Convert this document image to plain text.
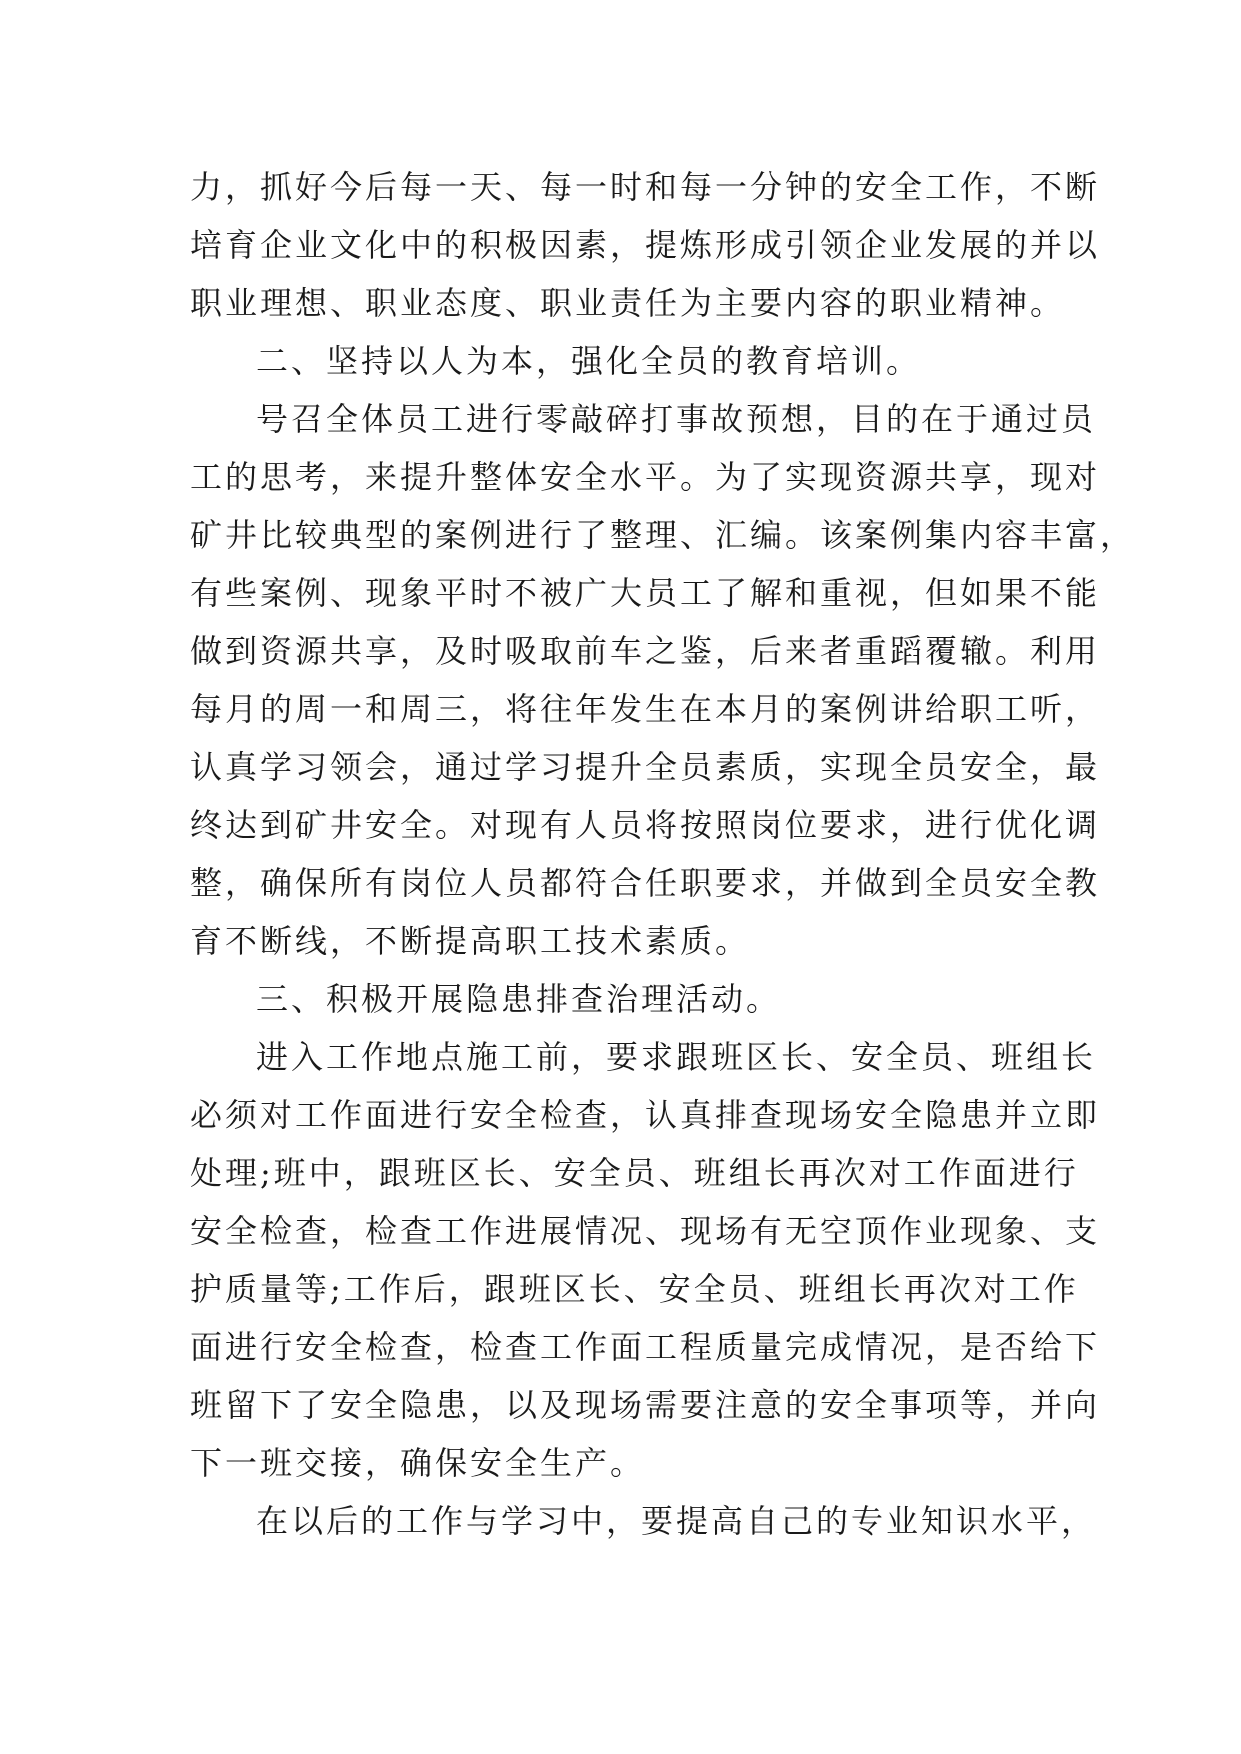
力，抓好今后每一天、每一时和每一分钟的安全工作，不断
培育企业文化中的积极因素，提炼形成引领企业发展的并以
职业理想、职业态度、职业责任为主要内容的职业精神。
二、坚持以人为本，强化全员的教育培训。
号召全体员工进行零敲碎打事故预想，目的在于通过员
工的思考，来提升整体安全水平。为了实现资源共享，现对
矿井比较典型的案例进行了整理、汇编。该案例集内容丰富，
有些案例、现象平时不被广大员工了解和重视，但如果不能
做到资源共享，及时吸取前车之鉴，后来者重蹈覆辙。利用
每月的周一和周三，将往年发生在本月的案例讲给职工听，
认真学习领会，通过学习提升全员素质，实现全员安全，最
终达到矿井安全。对现有人员将按照岗位要求，进行优化调
整，确保所有岗位人员都符合任职要求，并做到全员安全教
育不断线，不断提高职工技术素质。
三、积极开展隐患排查治理活动。
进入工作地点施工前，要求跟班区长、安全员、班组长
必须对工作面进行安全检查，认真排查现场安全隐患并立即
处理;班中，跟班区长、安全员、班组长再次对工作面进行
安全检查，检查工作进展情况、现场有无空顶作业现象、支
护质量等;工作后，跟班区长、安全员、班组长再次对工作
面进行安全检查，检查工作面工程质量完成情况，是否给下
班留下了安全隐患，以及现场需要注意的安全事项等，并向
下一班交接，确保安全生产。
在以后的工作与学习中，要提高自己的专业知识水平，
